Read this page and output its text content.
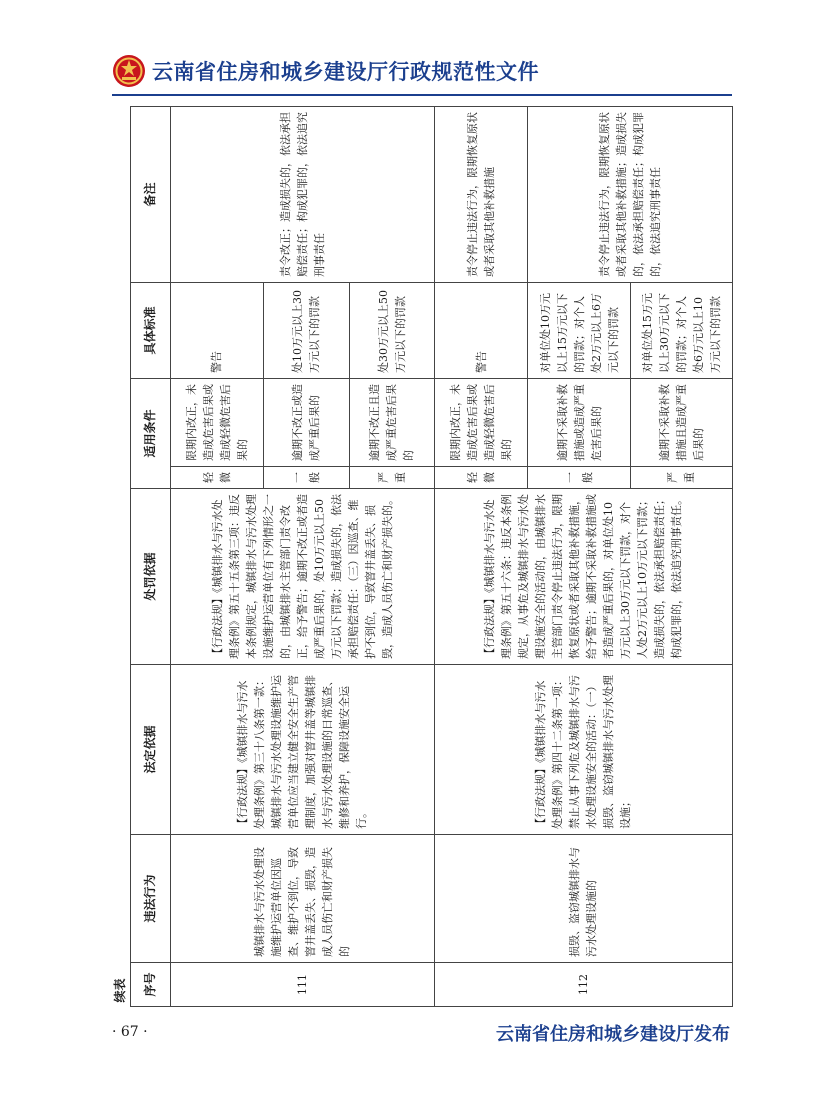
云南省住房和城乡建设厅行政规范性文件
续表							
序号	违法行为	法定依据	处罚依据	适用条件		具体标准	备注
111	城镇排水与污水处理设施维护运营单位因巡查、维护不到位，导致窨井盖丢失、损毁，造成人员伤亡和财产损失的	【行政法规】《城镇排水与污水处理条例》第三十八条第一款：城镇排水与污水处理设施维护运营单位应当建立健全安全生产管理制度，加强对窨井盖等城镇排水与污水处理设施的日常巡查、维修和养护，保障设施安全运行。	【行政法规】《城镇排水与污水处理条例》第五十五条第三项：违反本条例规定，城镇排水与污水处理设施维护运营单位有下列情形之一的，由城镇排水主管部门责令改正，给予警告；逾期不改正或者造成严重后果的，处10万元以上50万元以下罚款；造成损失的，依法承担赔偿责任：（三）因巡查、维护不到位，导致窨井盖丢失、损毁，造成人员伤亡和财产损失的。	轻微	限期内改正，未造成危害后果或造成轻微危害后果的	警告	责令改正；造成损失的，依法承担赔偿责任；构成犯罪的，依法追究刑事责任
				一般	逾期不改正或造成严重后果的	处10万元以上30万元以下的罚款	
				严重	逾期不改正且造成严重危害后果的	处30万元以上50万元以下的罚款	
112	损毁、盗窃城镇排水与污水处理设施的	【行政法规】《城镇排水与污水处理条例》第四十二条第一项：禁止从事下列危及城镇排水与污水处理设施安全的活动：（一）损毁、盗窃城镇排水与污水处理设施；	【行政法规】《城镇排水与污水处理条例》第五十六条：违反本条例规定，从事危及城镇排水与污水处理设施安全的活动的，由城镇排水主管部门责令停止违法行为，限期恢复原状或者采取其他补救措施，给予警告；逾期不采取补救措施或者造成严重后果的，对单位处10万元以上30万元以下罚款，对个人处2万元以上10万元以下罚款；造成损失的，依法承担赔偿责任；构成犯罪的，依法追究刑事责任。	轻微	限期内改正，未造成危害后果或造成轻微危害后果的	警告	责令停止违法行为，限期恢复原状或者采取其他补救措施
				一般	逾期不采取补救措施或造成严重危害后果的	对单位处10万元以上15万元以下的罚款；对个人处2万元以上6万元以下的罚款	责令停止违法行为，限期恢复原状或者采取其他补救措施；造成损失的，依法承担赔偿责任；构成犯罪的，依法追究刑事责任
				严重	逾期不采取补救措施且造成严重后果的	对单位处15万元以上30万元以下的罚款；对个人处6万元以上10万元以下的罚款	
· 67 ·	云南省住房和城乡建设厅发布
